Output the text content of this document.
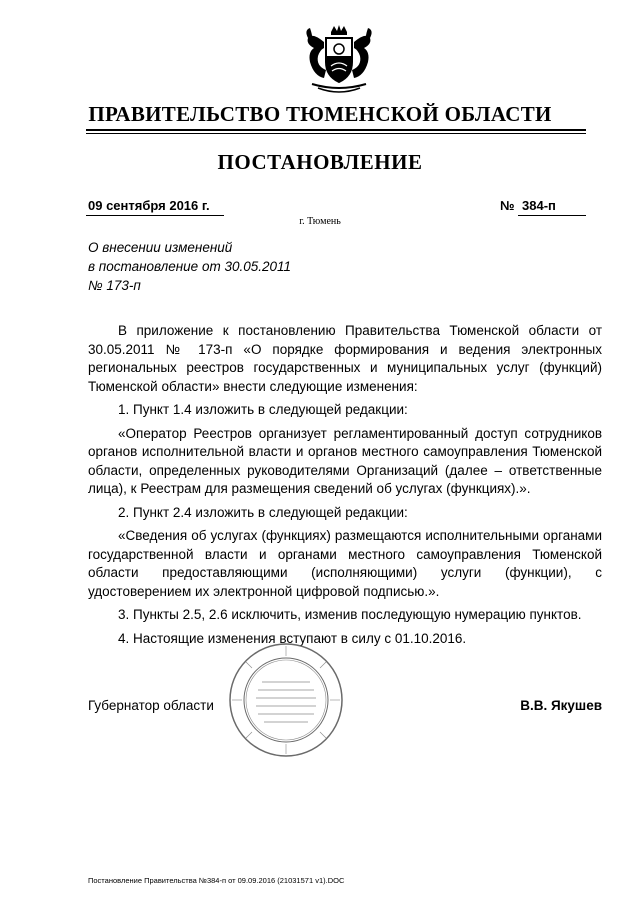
ПРАВИТЕЛЬСТВО ТЮМЕНСКОЙ ОБЛАСТИ
ПОСТАНОВЛЕНИЕ
09 сентября 2016 г.	№ 384-п
г. Тюмень
О внесении изменений
в постановление от 30.05.2011
№ 173-п

В приложение к постановлению Правительства Тюменской области от 30.05.2011 № 173-п «О порядке формирования и ведения электронных региональных реестров государственных и муниципальных услуг (функций) Тюменской области» внести следующие изменения:

1. Пункт 1.4 изложить в следующей редакции:

«Оператор Реестров организует регламентированный доступ сотрудников органов исполнительной власти и органов местного самоуправления Тюменской области, определенных руководителями Организаций (далее – ответственные лица), к Реестрам для размещения сведений об услугах (функциях).».

2. Пункт 2.4 изложить в следующей редакции:

«Сведения об услугах (функциях) размещаются исполнительными органами государственной власти и органами местного самоуправления Тюменской области предоставляющими (исполняющими) услуги (функции), с удостоверением их электронной цифровой подписью.».

3. Пункты 2.5, 2.6 исключить, изменив последующую нумерацию пунктов.

4. Настоящие изменения вступают в силу с 01.10.2016.

Губернатор области	В.В. Якушев
Постановление Правительства №384-п от 09.09.2016 (21031571 v1).DOC
